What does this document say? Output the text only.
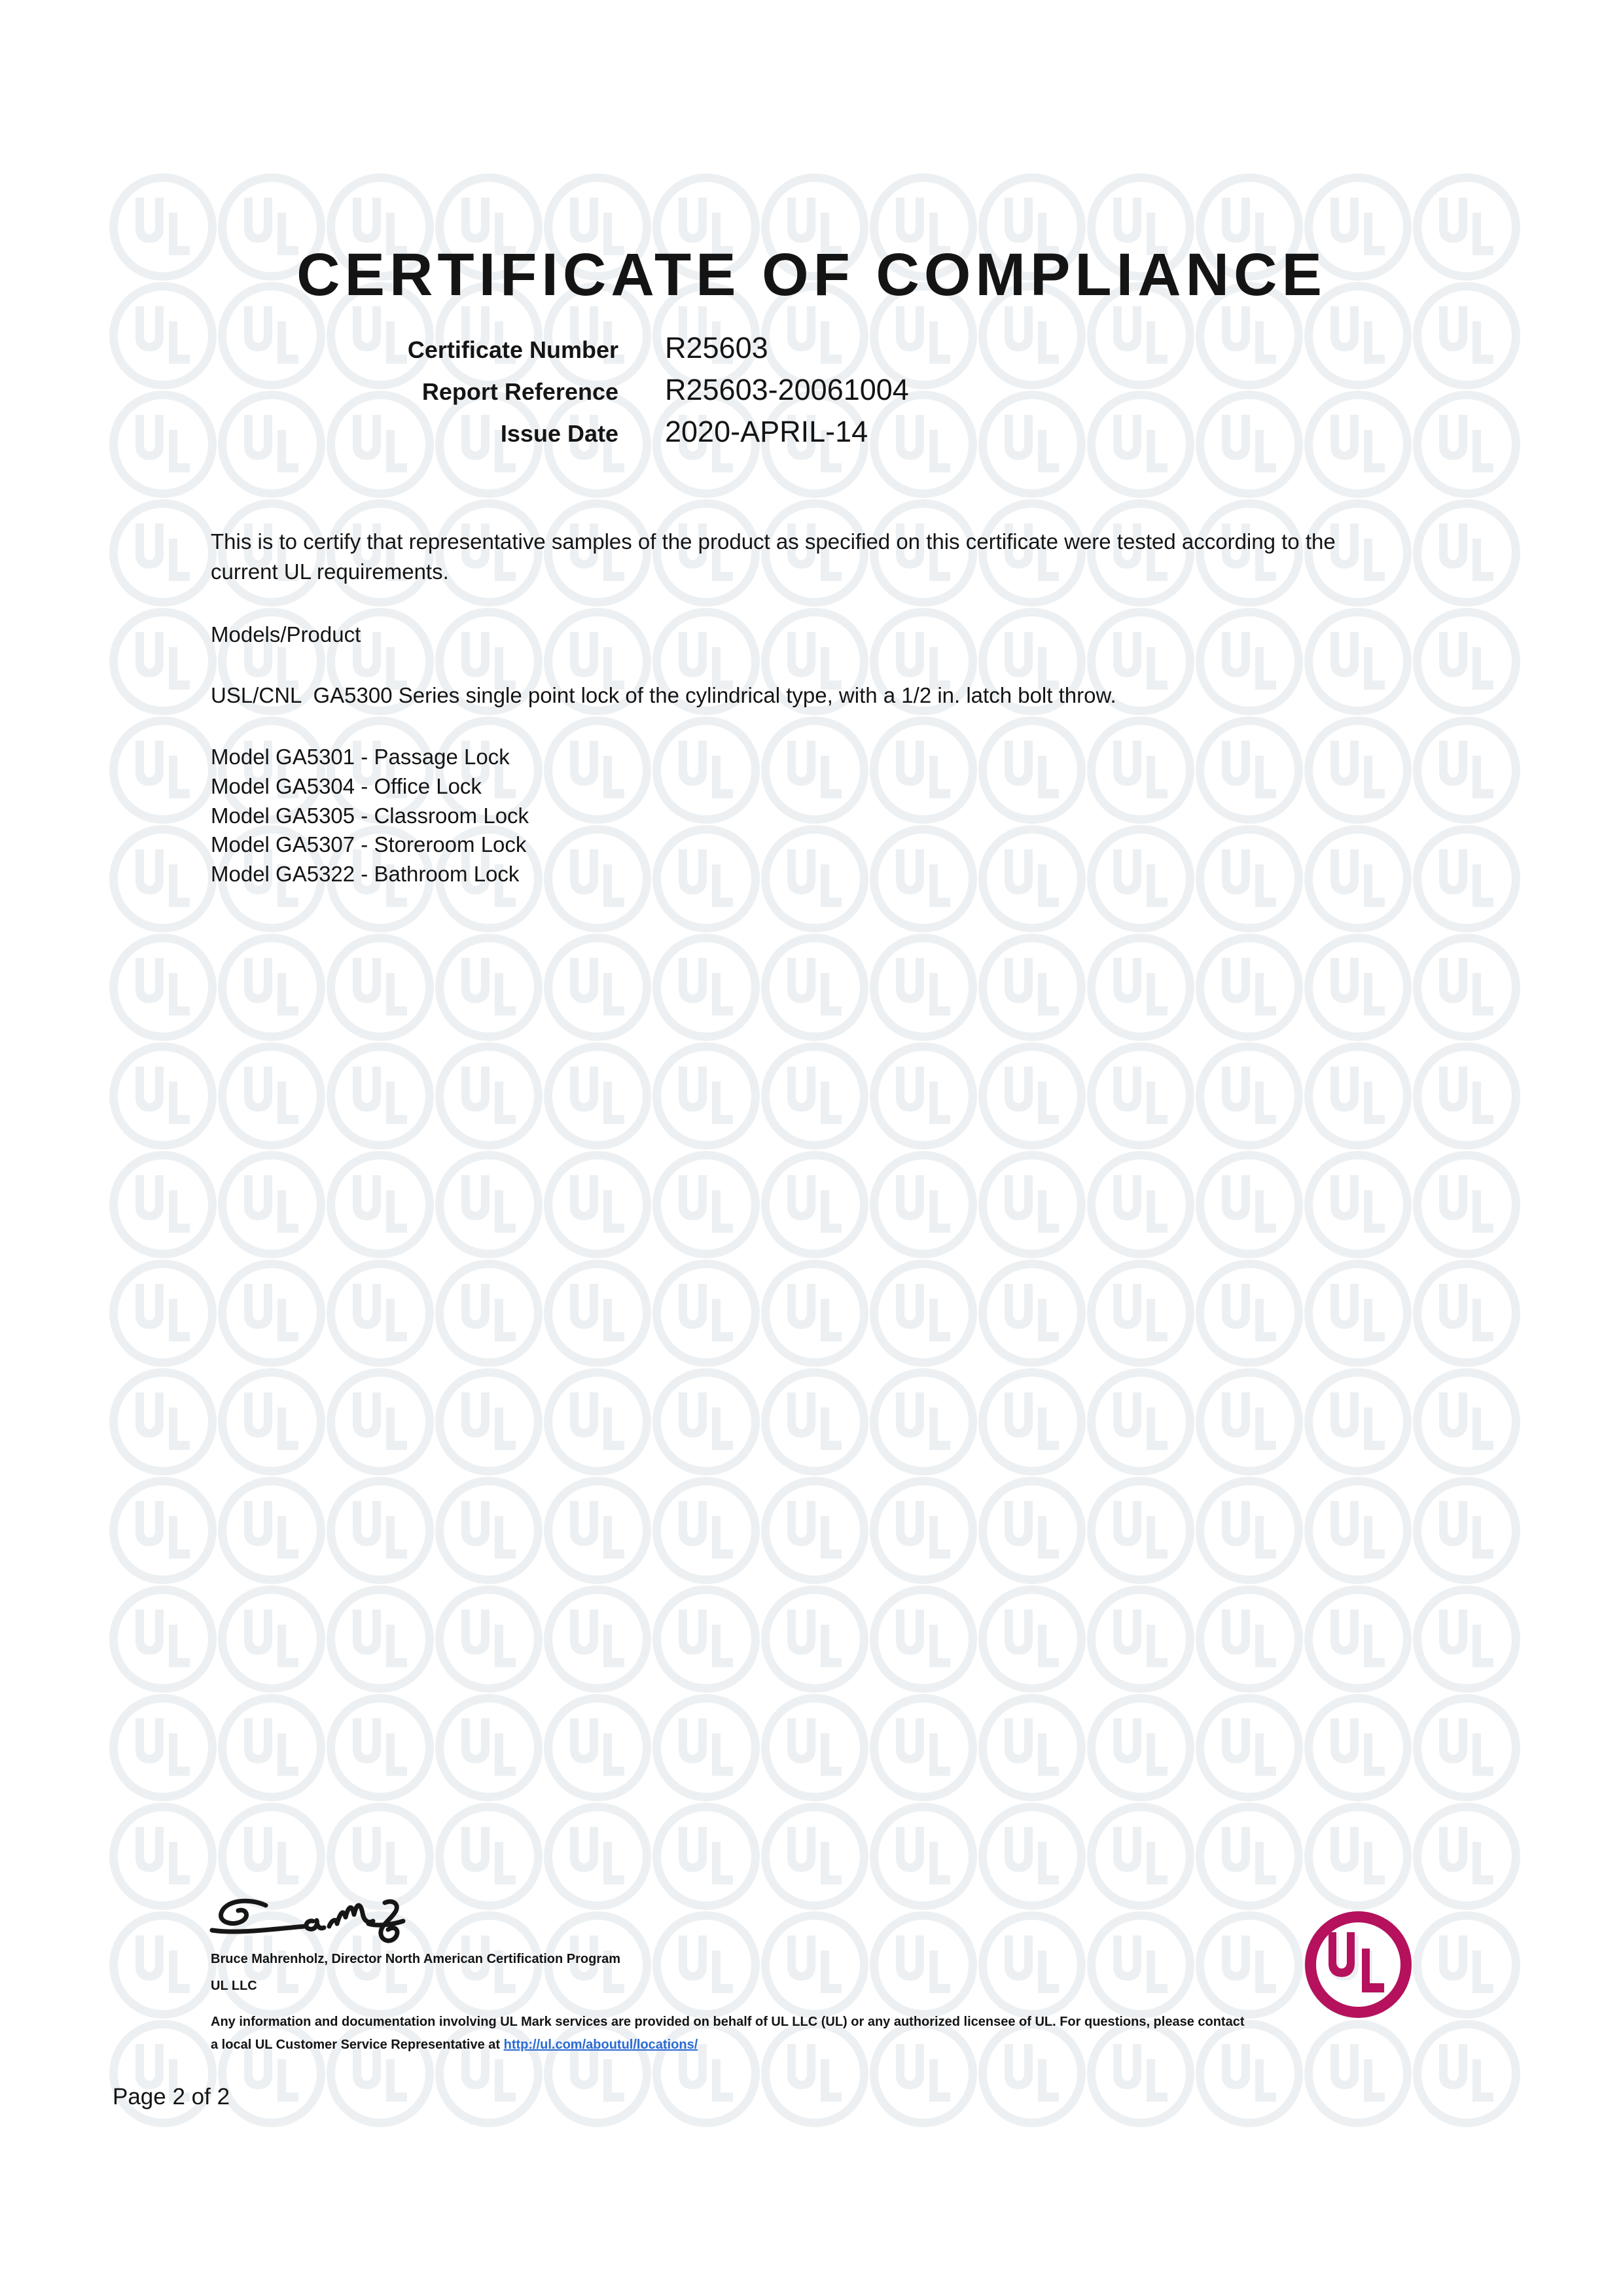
CERTIFICATE OF COMPLIANCE
Certificate Number R25603
Report Reference R25603-20061004
Issue Date 2020-APRIL-14
This is to certify that representative samples of the product as specified on this certificate were tested according to the current UL requirements.
Models/Product
USL/CNL  GA5300 Series single point lock of the cylindrical type, with a 1/2 in. latch bolt throw.
Model GA5301 - Passage Lock
Model GA5304 - Office Lock
Model GA5305 - Classroom Lock
Model GA5307 - Storeroom Lock
Model GA5322 - Bathroom Lock
Bruce Mahrenholz, Director North American Certification Program
UL LLC
Any information and documentation involving UL Mark services are provided on behalf of UL LLC (UL) or any authorized licensee of UL. For questions, please contact a local UL Customer Service Representative at http://ul.com/aboutul/locations/
Page 2 of 2
